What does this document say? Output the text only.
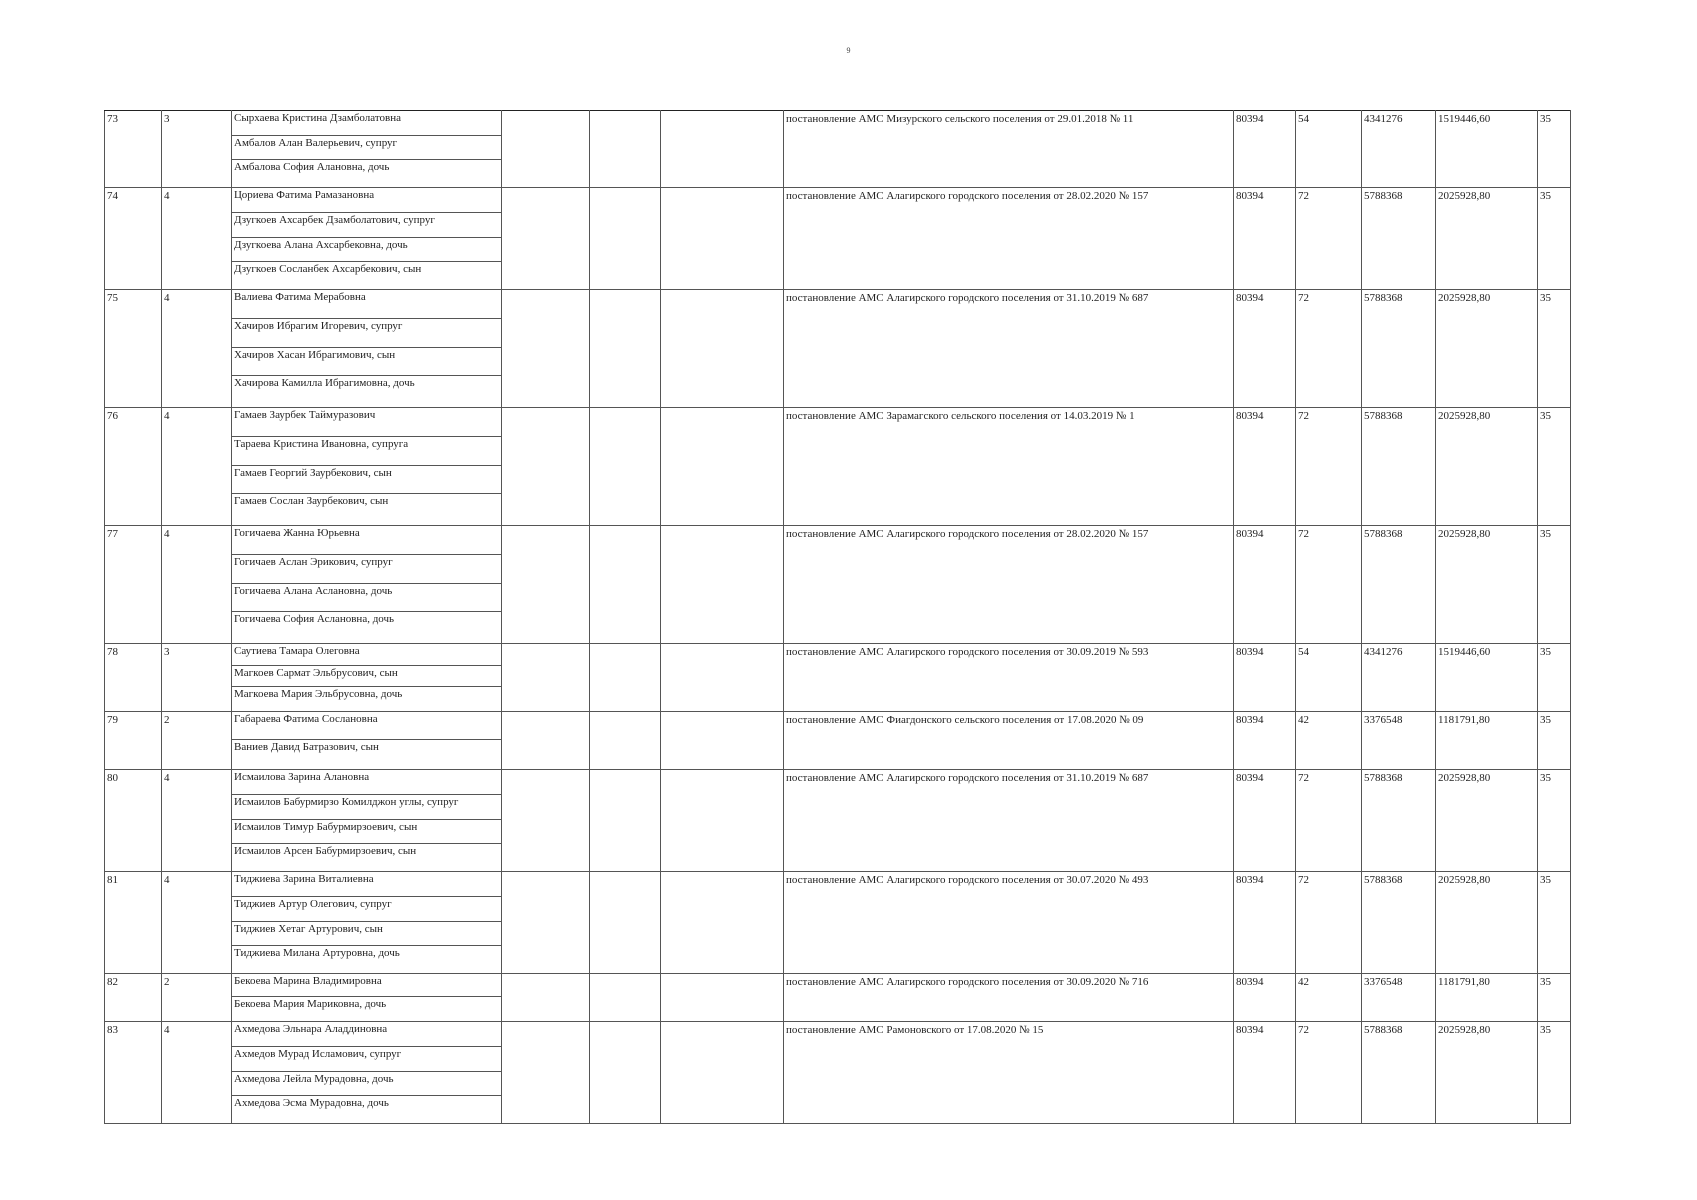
9
73	3	Сырхаева Кристина Дзамболатовна
Амбалов Алан Валерьевич, супруг
Амбалова София Алановна, дочь				постановление АМС Мизурского сельского поселения от 29.01.2018 № 11	80394	54	4341276	1519446,60	35
74	4	Цориева Фатима Рамазановна
Дзугкоев Ахсарбек Дзамболатович, супруг
Дзугкоева Алана Ахсарбековна, дочь
Дзугкоев Сосланбек Ахсарбекович, сын				постановление АМС Алагирского городского поселения от 28.02.2020 № 157	80394	72	5788368	2025928,80	35
75	4	Валиева Фатима Мерабовна
Хачиров Ибрагим Игоревич, супруг
Хачиров Хасан Ибрагимович, сын
Хачирова Камилла Ибрагимовна, дочь				постановление АМС Алагирского городского поселения от 31.10.2019 № 687	80394	72	5788368	2025928,80	35
76	4	Гамаев Заурбек Таймуразович
Тараева Кристина Ивановна, супруга
Гамаев Георгий Заурбекович, сын
Гамаев Сослан Заурбекович, сын				постановление АМС Зарамагского сельского поселения от 14.03.2019 № 1	80394	72	5788368	2025928,80	35
77	4	Гогичаева Жанна Юрьевна
Гогичаев Аслан Эрикович, супруг
Гогичаева Алана Аслановна, дочь
Гогичаева София Аслановна, дочь				постановление АМС Алагирского городского поселения от 28.02.2020 № 157	80394	72	5788368	2025928,80	35
78	3	Саутиева Тамара Олеговна
Магкоев Сармат Эльбрусович, сын
Магкоева Мария Эльбрусовна, дочь				постановление АМС Алагирского городского поселения от 30.09.2019 № 593	80394	54	4341276	1519446,60	35
79	2	Габараева Фатима Сослановна
Ваниев Давид Батразович, сын				постановление АМС Фиагдонского сельского поселения от 17.08.2020 № 09	80394	42	3376548	1181791,80	35
80	4	Исмаилова Зарина Алановна
Исмаилов Бабурмирзо Комилджон углы, супруг
Исмаилов Тимур Бабурмирзоевич, сын
Исмаилов Арсен Бабурмирзоевич, сын				постановление АМС Алагирского городского поселения от 31.10.2019 № 687	80394	72	5788368	2025928,80	35
81	4	Тиджиева Зарина Виталиевна
Тиджиев Артур Олегович, супруг
Тиджиев Хетаг Артурович, сын
Тиджиева Милана Артуровна, дочь				постановление АМС Алагирского городского поселения от 30.07.2020 № 493	80394	72	5788368	2025928,80	35
82	2	Бекоева Марина Владимировна
Бекоева Мария Мариковна, дочь				постановление АМС Алагирского городского поселения от 30.09.2020 № 716	80394	42	3376548	1181791,80	35
83	4	Ахмедова Эльнара Аладдиновна
Ахмедов Мурад Исламович, супруг
Ахмедова Лейла Мурадовна, дочь
Ахмедова Эсма Мурадовна, дочь				постановление АМС Рамоновского от 17.08.2020 № 15	80394	72	5788368	2025928,80	35
